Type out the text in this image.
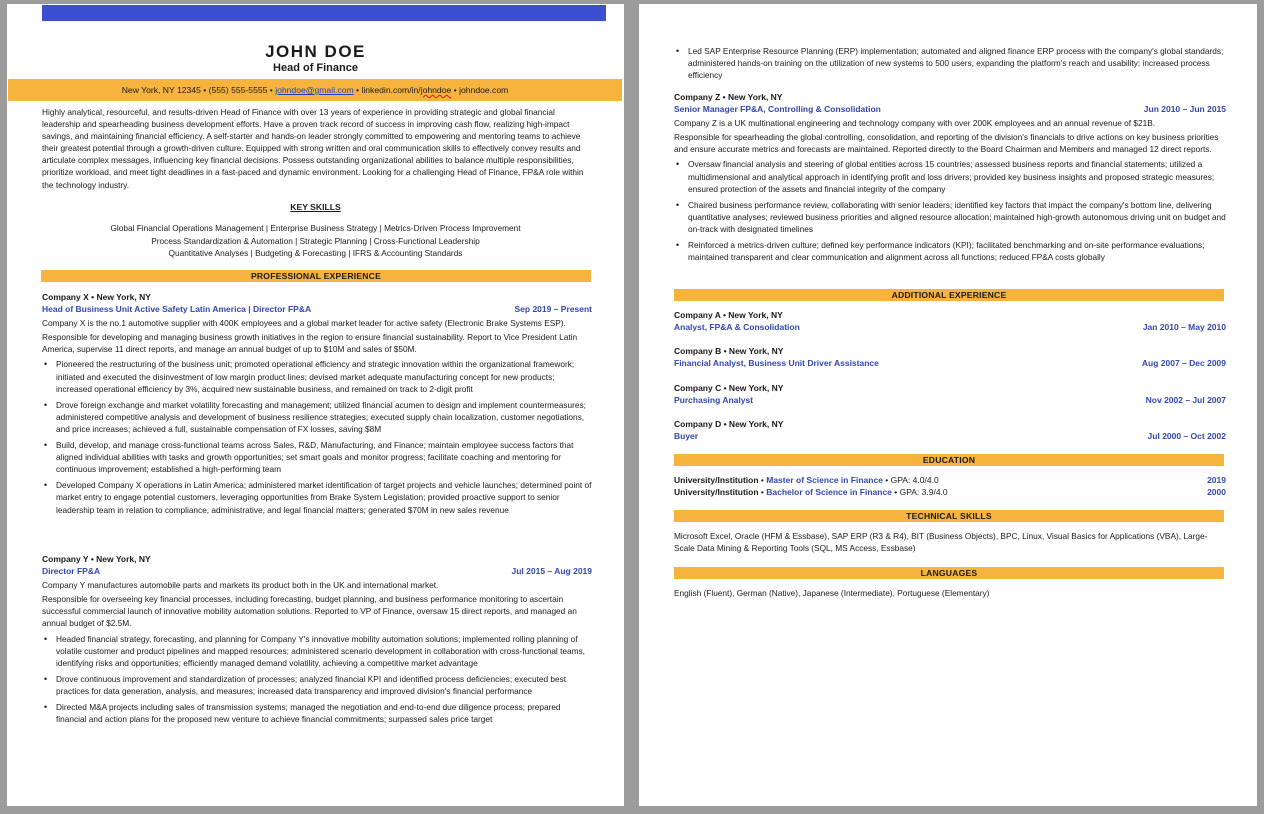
JOHN DOE
Head of Finance
New York, NY 12345 • (555) 555-5555 • johndoe@gmail.com • linkedin.com/in/johndoe • johndoe.com
Highly analytical, resourceful, and results-driven Head of Finance with over 13 years of experience in providing strategic and global financial leadership and spearheading business development efforts. Have a proven track record of success in improving cash flow, realizing high-impact savings, and maintaining financial efficiency. A self-starter and hands-on leader strongly committed to empowering and mentoring teams to achieve their greatest potential through a growth-driven culture. Equipped with strong written and oral communication skills to effectively convey results and articulate complex messages, influencing key financial decisions. Possess outstanding organizational abilities to balance multiple responsibilities, prioritize workload, and meet tight deadlines in a fast-paced and dynamic environment. Looking for a challenging Head of Finance, FP&A role within the technology industry.
KEY SKILLS
Global Financial Operations Management | Enterprise Business Strategy | Metrics-Driven Process Improvement
Process Standardization & Automation | Strategic Planning | Cross-Functional Leadership
Quantitative Analyses | Budgeting & Forecasting | IFRS & Accounting Standards
PROFESSIONAL EXPERIENCE
Company X • New York, NY
Head of Business Unit Active Safety Latin America | Director FP&A	Sep 2019 – Present
Company X is the no.1 automotive supplier with 400K employees and a global market leader for active safety (Electronic Brake Systems ESP).
Responsible for developing and managing business growth initiatives in the region to ensure financial sustainability. Report to Vice President Latin America, supervise 11 direct reports, and manage an annual budget of up to $10M and sales of $50M.
• Pioneered the restructuring of the business unit; promoted operational efficiency and strategic innovation within the organizational framework; initiated and executed the disinvestment of low margin product lines; devised market adequate manufacturing concept for new products; increased operational efficiency by 3%, acquired new sustainable business, and remained on track to 2-digit profit
• Drove foreign exchange and market volatility forecasting and management; utilized financial acumen to design and implement countermeasures; administered competitive analysis and development of business resilience strategies; executed supply chain localization, customer negotiations, and price increases; achieved a full, sustainable compensation of FX losses, saving $8M
• Build, develop, and manage cross-functional teams across Sales, R&D, Manufacturing, and Finance; maintain employee success factors that aligned individual abilities with tasks and growth opportunities; set smart goals and monitor progress; facilitate coaching and mentoring for continuous improvement; established a high-performing team
• Developed Company X operations in Latin America; administered market identification of target projects and vehicle launches; determined point of market entry to engage potential customers, leveraging opportunities from Brake System Legislation; provided proactive support to senior leadership team in relation to compliance, administrative, and legal financial matters; generated $70M in new sales revenue
Company Y • New York, NY
Director FP&A	Jul 2015 – Aug 2019
Company Y manufactures automobile parts and markets its product both in the UK and international market.
Responsible for overseeing key financial processes, including forecasting, budget planning, and business performance monitoring to ascertain successful commercial launch of innovative mobility automation solutions. Reported to VP of Finance, oversaw 15 direct reports, and managed an annual budget of $2.5M.
• Headed financial strategy, forecasting, and planning for Company Y's innovative mobility automation solutions; implemented rolling planning of volatile customer and product pipelines and mapped resources; administered scenario development in collaboration with cross-functional teams, identifying risks and opportunities; efficiently managed demand volatility, achieving a competitive market advantage
• Drove continuous improvement and standardization of processes; analyzed financial KPI and identified process deficiencies; executed best practices for data generation, analysis, and measures; increased data transparency and improved division's financial performance
• Directed M&A projects including sales of transmission systems; managed the negotiation and end-to-end due diligence process; prepared financial and action plans for the proposed new venture to achieve financial commitments; surpassed sales price target
• Led SAP Enterprise Resource Planning (ERP) implementation; automated and aligned finance ERP process with the company's global standards; administered hands-on training on the utilization of new systems to 500 users, expanding the platform's reach and usability; increased process efficiency
Company Z • New York, NY
Senior Manager FP&A, Controlling & Consolidation	Jun 2010 – Jun 2015
Company Z is a UK multinational engineering and technology company with over 200K employees and an annual revenue of $21B.
Responsible for spearheading the global controlling, consolidation, and reporting of the division's financials to drive actions on key business priorities and ensure accurate metrics and forecasts are maintained. Reported directly to the Board Chairman and Members and managed 12 direct reports.
• Oversaw financial analysis and steering of global entities across 15 countries; assessed business reports and financial statements; utilized a multidimensional and analytical approach in identifying profit and loss drivers; provided key business insights and proposed strategic measures; ensured protection of the assets and financial integrity of the company
• Chaired business performance review, collaborating with senior leaders; identified key factors that impact the company's bottom line, delivering quantitative analyses; reviewed business priorities and aligned resource allocation; maintained high-growth autonomous driving unit on budget and on-track with designated timelines
• Reinforced a metrics-driven culture; defined key performance indicators (KPI); facilitated benchmarking and on-site performance evaluations; maintained transparent and clear communication and alignment across all functions; reduced FP&A costs globally
ADDITIONAL EXPERIENCE
Company A • New York, NY
Analyst, FP&A & Consolidation	Jan 2010 – May 2010
Company B • New York, NY
Financial Analyst, Business Unit Driver Assistance	Aug 2007 – Dec 2009
Company C • New York, NY
Purchasing Analyst	Nov 2002 – Jul 2007
Company D • New York, NY
Buyer	Jul 2000 – Oct 2002
EDUCATION
University/Institution • Master of Science in Finance • GPA: 4.0/4.0	2019
University/Institution • Bachelor of Science in Finance • GPA: 3.9/4.0	2000
TECHNICAL SKILLS
Microsoft Excel, Oracle (HFM & Essbase), SAP ERP (R3 & R4), BIT (Business Objects), BPC, Linux, Visual Basics for Applications (VBA), Large-Scale Data Mining & Reporting Tools (SQL, MS Access, Essbase)
LANGUAGES
English (Fluent), German (Native), Japanese (Intermediate), Portuguese (Elementary)
